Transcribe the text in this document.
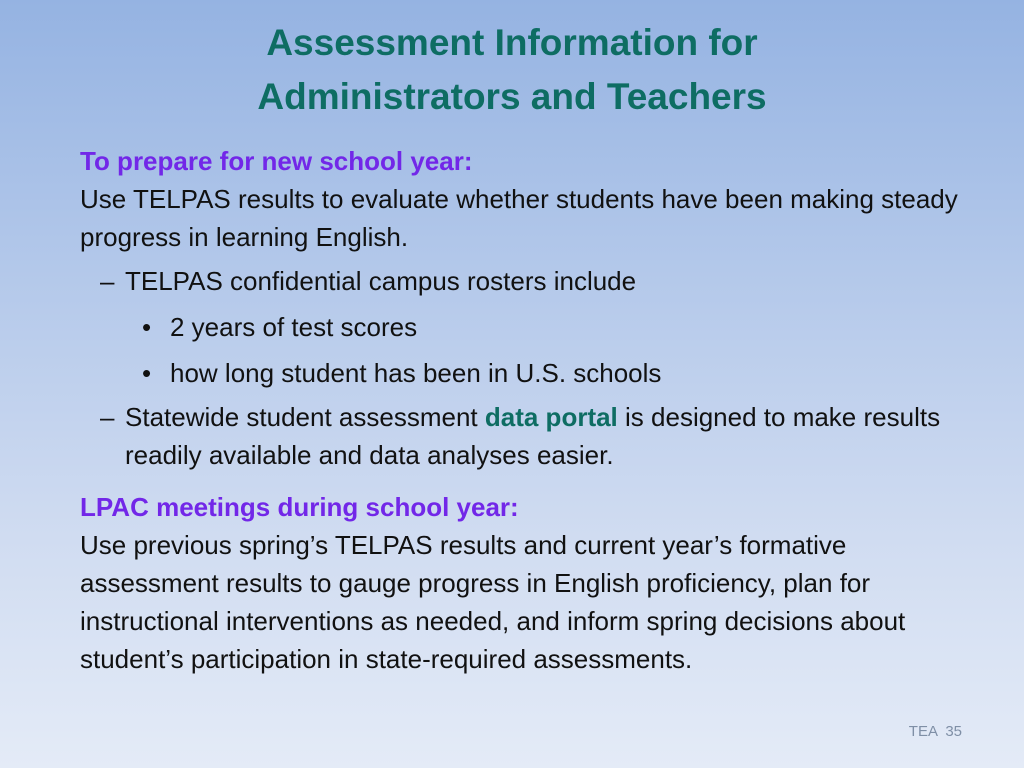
Assessment Information for
Administrators and Teachers
To prepare for new school year:
Use TELPAS results to evaluate whether students have been making steady progress in learning English.
– TELPAS confidential campus rosters include
• 2 years of test scores
• how long student has been in U.S. schools
– Statewide student assessment data portal is designed to make results readily available and data analyses easier.
LPAC meetings during school year:
Use previous spring’s TELPAS results and current year’s formative assessment results to gauge progress in English proficiency, plan for instructional interventions as needed, and inform spring decisions about student’s participation in state-required assessments.
TEA 35
